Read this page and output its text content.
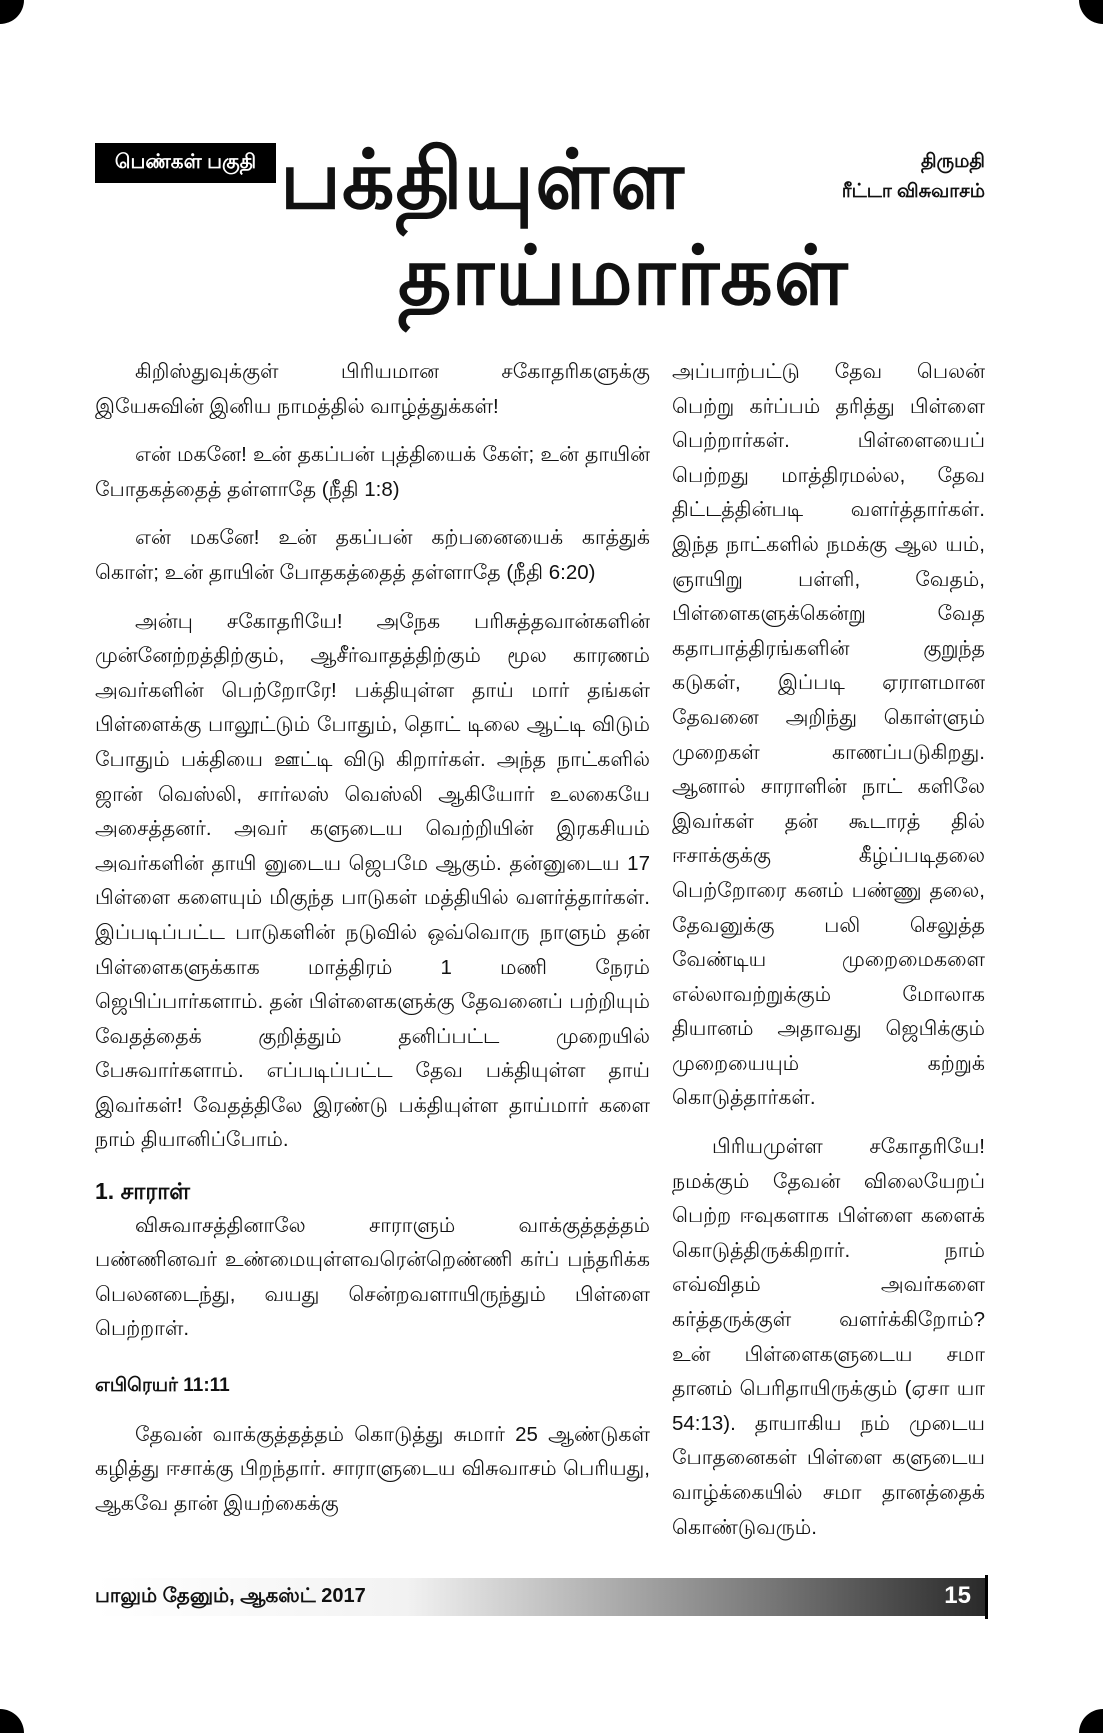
பெண்கள் பகுதி பக்தியுள்ள
தாய்மார்கள்
திருமதி
ரீட்டா விசுவாசம்

கிறிஸ்துவுக்குள் பிரியமான சகோதரிகளுக்கு இயேசுவின் இனிய நாமத்தில் வாழ்த்துக்கள்!

என் மகனே! உன் தகப்பன் புத்தியைக் கேள்; உன் தாயின் போதகத்தைத் தள்ளாதே (நீதி 1:8)

என் மகனே! உன் தகப்பன் கற்பனையைக் காத்துக் கொள்; உன் தாயின் போதகத்தைத் தள்ளாதே (நீதி 6:20)

அன்பு சகோதரியே! அநேக பரிசுத்தவான்களின் முன்னேற்றத்திற்கும், ஆசீர்வாதத்திற்கும் மூல காரணம் அவர்களின் பெற்றோரே! பக்தியுள்ள தாய் மார் தங்கள் பிள்ளைக்கு பாலூட்டும் போதும், தொட் டிலை ஆட்டி விடும் போதும் பக்தியை ஊட்டி விடு கிறார்கள். அந்த நாட்களில் ஜான் வெஸ்லி, சார்லஸ் வெஸ்லி ஆகியோர் உலகையே அசைத்தனர். அவர் களுடைய வெற்றியின் இரகசியம் அவர்களின் தாயி னுடைய ஜெபமே ஆகும். தன்னுடைய 17 பிள்ளை களையும் மிகுந்த பாடுகள் மத்தியில் வளர்த்தார்கள். இப்படிப்பட்ட பாடுகளின் நடுவில் ஒவ்வொரு நாளும் தன் பிள்ளைகளுக்காக மாத்திரம் 1 மணி நேரம் ஜெபிப்பார்களாம். தன் பிள்ளைகளுக்கு தேவனைப் பற்றியும் வேதத்தைக் குறித்தும் தனிப்பட்ட முறையில் பேசுவார்களாம். எப்படிப்பட்ட தேவ பக்தியுள்ள தாய் இவர்கள்! வேதத்திலே இரண்டு பக்தியுள்ள தாய்மார் களை நாம் தியானிப்போம்.

1. சாராள்

விசுவாசத்தினாலே சாராளும் வாக்குத்தத்தம் பண்ணினவர் உண்மையுள்ளவரென்றெண்ணி கர்ப் பந்தரிக்க பெலனடைந்து, வயது சென்றவளாயிருந்தும் பிள்ளை பெற்றாள்.

எபிரெயர் 11:11

தேவன் வாக்குத்தத்தம் கொடுத்து சுமார் 25 ஆண்டுகள் கழித்து ஈசாக்கு பிறந்தார். சாராளுடைய விசுவாசம் பெரியது, ஆகவே தான் இயற்கைக்கு

அப்பாற்பட்டு தேவ பெலன் பெற்று கர்ப்பம் தரித்து பிள்ளை பெற்றார்கள். பிள்ளையைப் பெற்றது மாத்திரமல்ல, தேவ திட்டத்தின்படி வளர்த்தார்கள். இந்த நாட்களில் நமக்கு ஆல யம், ஞாயிறு பள்ளி, வேதம், பிள்ளைகளுக்கென்று வேத கதாபாத்திரங்களின் குறுந்த கடுகள், இப்படி ஏராளமான தேவனை அறிந்து கொள்ளும் முறைகள் காணப்படுகிறது. ஆனால் சாராளின் நாட் களிலே இவர்கள் தன் கூடாரத் தில் ஈசாக்குக்கு கீழ்ப்படிதலை பெற்றோரை கனம் பண்ணு தலை, தேவனுக்கு பலி செலுத்த வேண்டிய முறைமைகளை எல்லாவற்றுக்கும் மோலாக தியானம் அதாவது ஜெபிக்கும் முறையையும் கற்றுக் கொடுத்தார்கள்.

பிரியமுள்ள சகோதரியே! நமக்கும் தேவன் விலையேறப் பெற்ற ஈவுகளாக பிள்ளை களைக் கொடுத்திருக்கிறார். நாம் எவ்விதம் அவர்களை கர்த்தருக்குள் வளர்க்கிறோம்? உன் பிள்ளைகளுடைய சமா தானம் பெரிதாயிருக்கும் (ஏசா யா 54:13). தாயாகிய நம் முடைய போதனைகள் பிள்ளை களுடைய வாழ்க்கையில் சமா தானத்தைக் கொண்டுவரும்.

பாலும் தேனும், ஆகஸ்ட் 2017	15
